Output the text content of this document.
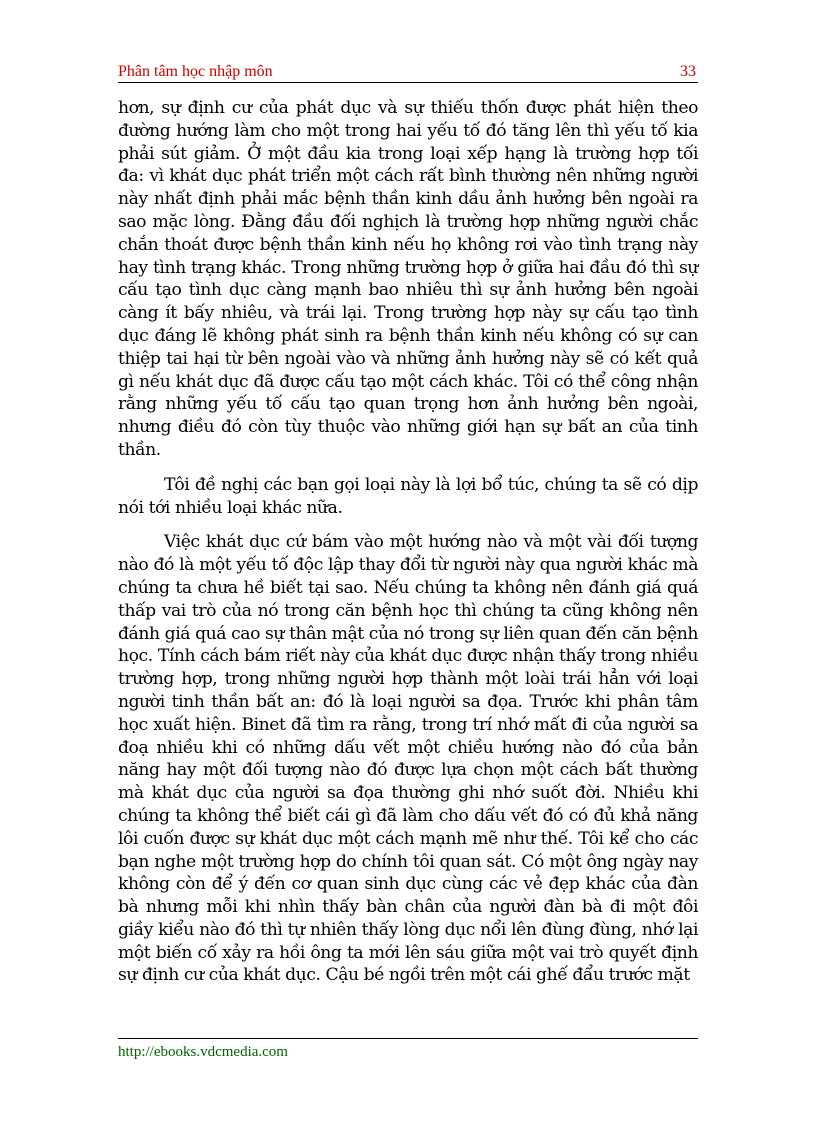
Phân tâm học nhập môn	33

hơn, sự định cư của phát dục và sự thiếu thốn được phát hiện theo đường hướng làm cho một trong hai yếu tố đó tăng lên thì yếu tố kia phải sút giảm. Ở một đầu kia trong loại xếp hạng là trường hợp tối đa: vì khát dục phát triển một cách rất bình thường nên những người này nhất định phải mắc bệnh thần kinh dầu ảnh hưởng bên ngoài ra sao mặc lòng. Đằng đầu đối nghịch là trường hợp những người chắc chắn thoát được bệnh thần kinh nếu họ không rơi vào tình trạng này hay tình trạng khác. Trong những trường hợp ở giữa hai đầu đó thì sự cấu tạo tình dục càng mạnh bao nhiêu thì sự ảnh hưởng bên ngoài càng ít bấy nhiêu, và trái lại. Trong trường hợp này sự cấu tạo tình dục đáng lẽ không phát sinh ra bệnh thần kinh nếu không có sự can thiệp tai hại từ bên ngoài vào và những ảnh hưởng này sẽ có kết quả gì nếu khát dục đã được cấu tạo một cách khác. Tôi có thể công nhận rằng những yếu tố cấu tạo quan trọng hơn ảnh hưởng bên ngoài, nhưng điều đó còn tùy thuộc vào những giới hạn sự bất an của tinh thần.

Tôi đề nghị các bạn gọi loại này là lợi bổ túc, chúng ta sẽ có dịp nói tới nhiều loại khác nữa.

Việc khát dục cứ bám vào một hướng nào và một vài đối tượng nào đó là một yếu tố độc lập thay đổi từ người này qua người khác mà chúng ta chưa hề biết tại sao. Nếu chúng ta không nên đánh giá quá thấp vai trò của nó trong căn bệnh học thì chúng ta cũng không nên đánh giá quá cao sự thân mật của nó trong sự liên quan đến căn bệnh học. Tính cách bám riết này của khát dục được nhận thấy trong nhiều trường hợp, trong những người hợp thành một loài trái hẳn với loại người tinh thần bất an: đó là loại người sa đọa. Trước khi phân tâm học xuất hiện. Binet đã tìm ra rằng, trong trí nhớ mất đi của người sa đoạ nhiều khi có những dấu vết một chiều hướng nào đó của bản năng hay một đối tượng nào đó được lựa chọn một cách bất thường mà khát dục của người sa đọa thường ghi nhớ suốt đời. Nhiều khi chúng ta không thể biết cái gì đã làm cho dấu vết đó có đủ khả năng lôi cuốn được sự khát dục một cách mạnh mẽ như thế. Tôi kể cho các bạn nghe một trường hợp do chính tôi quan sát. Có một ông ngày nay không còn để ý đến cơ quan sinh dục cùng các vẻ đẹp khác của đàn bà nhưng mỗi khi nhìn thấy bàn chân của người đàn bà đi một đôi giầy kiểu nào đó thì tự nhiên thấy lòng dục nổi lên đùng đùng, nhớ lại một biến cố xảy ra hồi ông ta mới lên sáu giữa một vai trò quyết định sự định cư của khát dục. Cậu bé ngồi trên một cái ghế đẩu trước mặt

http://ebooks.vdcmedia.com
